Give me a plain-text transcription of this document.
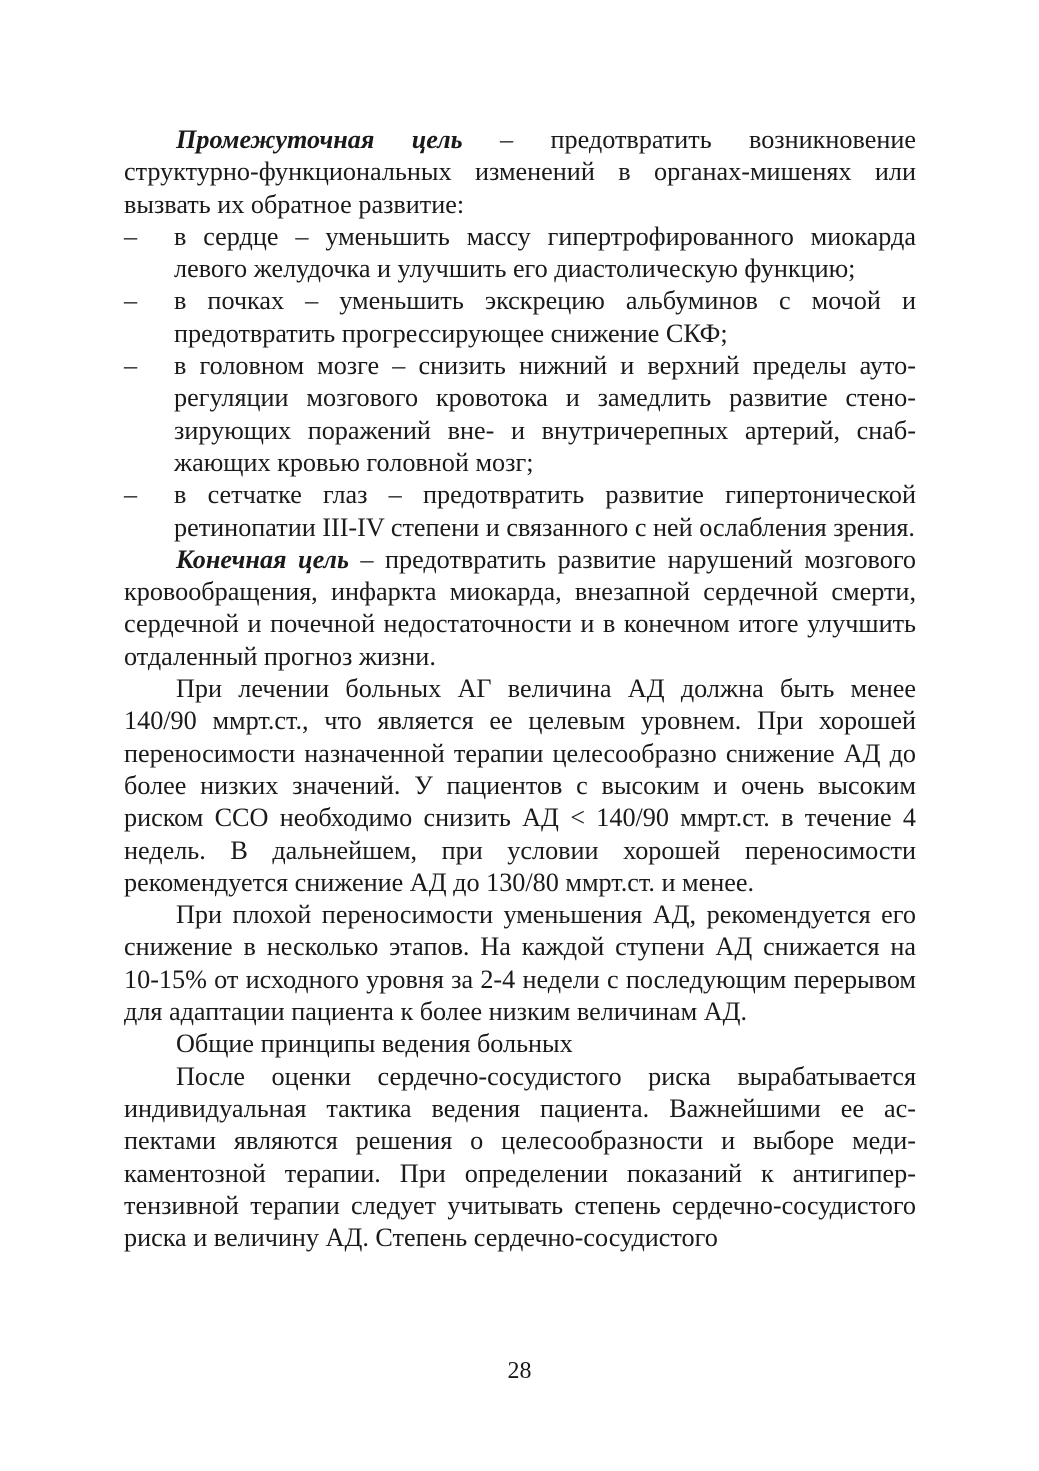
Промежуточная цель – предотвратить возникновение структурно-функциональных изменений в органах-мишенях или вызвать их обратное развитие:

– в сердце – уменьшить массу гипертрофированного миокарда левого желудочка и улучшить его диастолическую функцию;
– в почках – уменьшить экскрецию альбуминов с мочой и предотвратить прогрессирующее снижение СКФ;
– в головном мозге – снизить нижний и верхний пределы ауторегуляции мозгового кровотока и замедлить развитие стенозирующих поражений вне- и внутричерепных артерий, снабжающих кровью головной мозг;
– в сетчатке глаз – предотвратить развитие гипертонической ретинопатии III-IV степени и связанного с ней ослабления зрения.

Конечная цель – предотвратить развитие нарушений мозгового кровообращения, инфаркта миокарда, внезапной сердечной смерти, сердечной и почечной недостаточности и в конечном итоге улучшить отдаленный прогноз жизни.

При лечении больных АГ величина АД должна быть менее 140/90 ммрт.ст., что является ее целевым уровнем. При хорошей переносимости назначенной терапии целесообразно снижение АД до более низких значений. У пациентов с высоким и очень высоким риском ССО необходимо снизить АД < 140/90 ммрт.ст. в течение 4 недель. В дальнейшем, при условии хорошей переносимости рекомендуется снижение АД до 130/80 ммрт.ст. и менее.

При плохой переносимости уменьшения АД, рекомендуется его снижение в несколько этапов. На каждой ступени АД снижается на 10-15% от исходного уровня за 2-4 недели с последующим перерывом для адаптации пациента к более низким величинам АД.

Общие принципы ведения больных

После оценки сердечно-сосудистого риска вырабатывается индивидуальная тактика ведения пациента. Важнейшими ее аспектами являются решения о целесообразности и выборе медикаментозной терапии. При определении показаний к антигипертензивной терапии следует учитывать степень сердечно-сосудистого риска и величину АД. Степень сердечно-сосудистого

28
